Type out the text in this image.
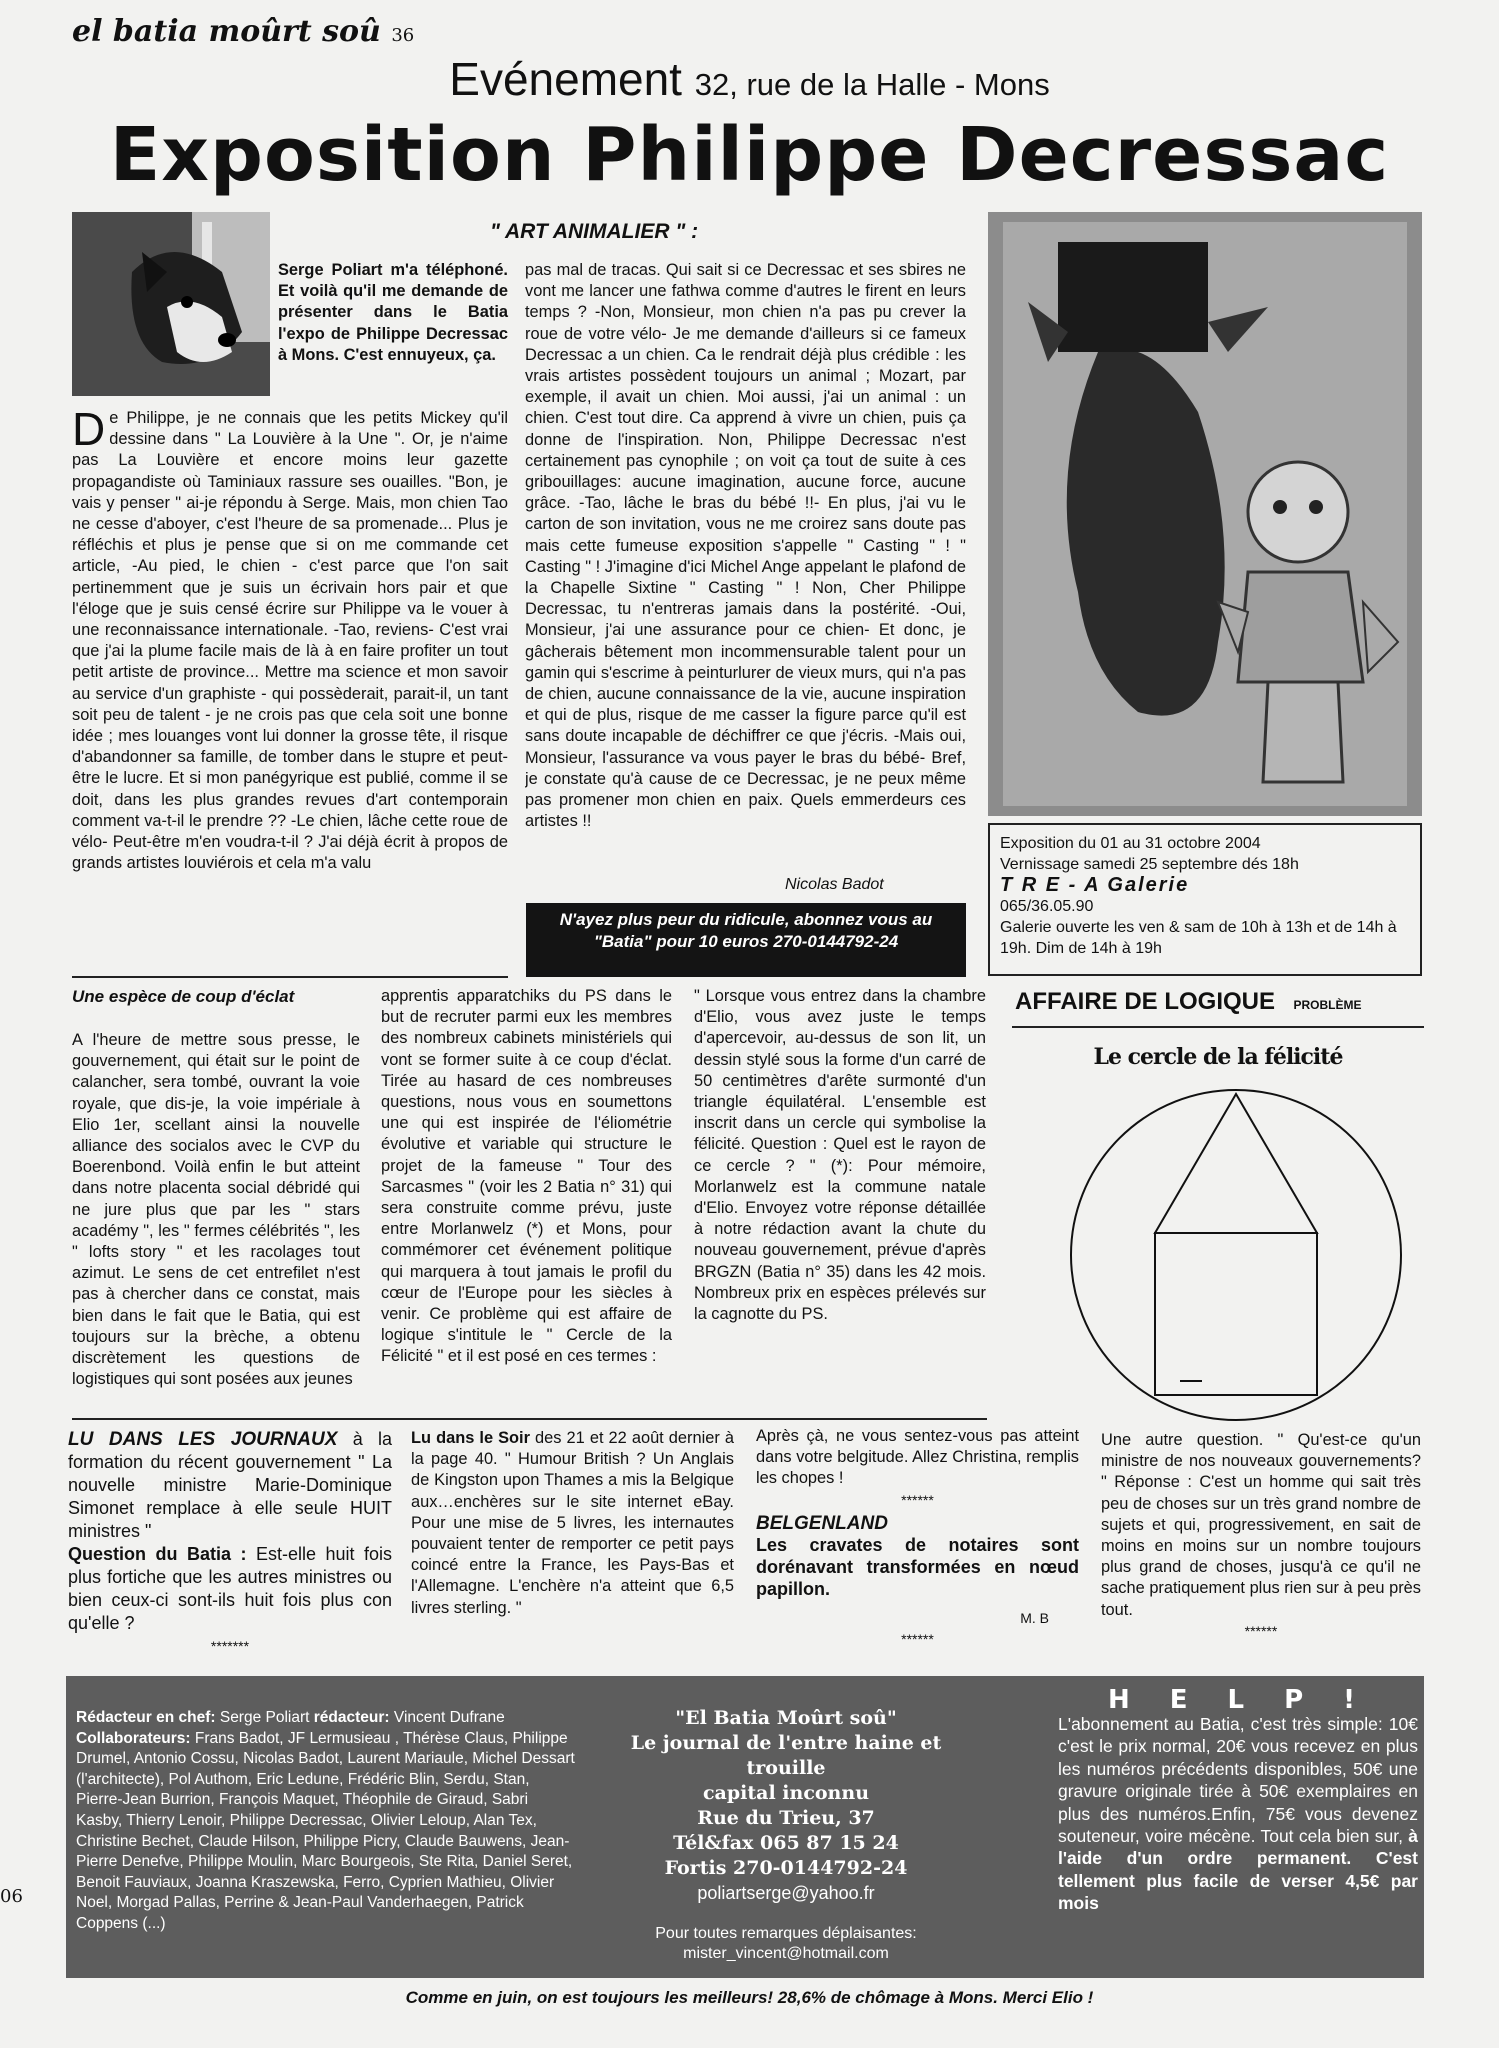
el batia moûrt soû 36
Evénement 32, rue de la Halle - Mons
Exposition Philippe Decressac
" ART ANIMALIER " :
Serge Poliart m'a téléphoné. Et voilà qu'il me demande de présenter dans le Batia l'expo de Philippe Decressac à Mons. C'est ennuyeux, ça.
De Philippe, je ne connais que les petits Mickey qu'il dessine dans " La Louvière à la Une ". Or, je n'aime pas La Louvière et encore moins leur gazette propagandiste où Taminiaux rassure ses ouailles. "Bon, je vais y penser " ai-je répondu à Serge. Mais, mon chien Tao ne cesse d'aboyer, c'est l'heure de sa promenade... Plus je réfléchis et plus je pense que si on me commande cet article, -Au pied, le chien - c'est parce que l'on sait pertinemment que je suis un écrivain hors pair et que l'éloge que je suis censé écrire sur Philippe va le vouer à une reconnaissance internationale. -Tao, reviens- C'est vrai que j'ai la plume facile mais de là à en faire profiter un tout petit artiste de province... Mettre ma science et mon savoir au service d'un graphiste - qui possèderait, parait-il, un tant soit peu de talent - je ne crois pas que cela soit une bonne idée ; mes louanges vont lui donner la grosse tête, il risque d'abandonner sa famille, de tomber dans le stupre et peut-être le lucre. Et si mon panégyrique est publié, comme il se doit, dans les plus grandes revues d'art contemporain comment va-t-il le prendre ?? -Le chien, lâche cette roue de vélo- Peut-être m'en voudra-t-il ? J'ai déjà écrit à propos de grands artistes louviérois et cela m'a valu
pas mal de tracas. Qui sait si ce Decressac et ses sbires ne vont me lancer une fathwa comme d'autres le firent en leurs temps ? -Non, Monsieur, mon chien n'a pas pu crever la roue de votre vélo- Je me demande d'ailleurs si ce fameux Decressac a un chien. Ca le rendrait déjà plus crédible : les vrais artistes possèdent toujours un animal ; Mozart, par exemple, il avait un chien. Moi aussi, j'ai un animal : un chien. C'est tout dire. Ca apprend à vivre un chien, puis ça donne de l'inspiration. Non, Philippe Decressac n'est certainement pas cynophile ; on voit ça tout de suite à ces gribouillages: aucune imagination, aucune force, aucune grâce. -Tao, lâche le bras du bébé !!- En plus, j'ai vu le carton de son invitation, vous ne me croirez sans doute pas mais cette fumeuse exposition s'appelle " Casting " ! " Casting " ! J'imagine d'ici Michel Ange appelant le plafond de la Chapelle Sixtine " Casting " ! Non, Cher Philippe Decressac, tu n'entreras jamais dans la postérité. -Oui, Monsieur, j'ai une assurance pour ce chien- Et donc, je gâcherais bêtement mon incommensurable talent pour un gamin qui s'escrime à peinturlurer de vieux murs, qui n'a pas de chien, aucune connaissance de la vie, aucune inspiration et qui de plus, risque de me casser la figure parce qu'il est sans doute incapable de déchiffrer ce que j'écris. -Mais oui, Monsieur, l'assurance va vous payer le bras du bébé- Bref, je constate qu'à cause de ce Decressac, je ne peux même pas promener mon chien en paix. Quels emmerdeurs ces artistes !!
Nicolas Badot
N'ayez plus peur du ridicule, abonnez vous au "Batia" pour 10 euros 270-0144792-24
Exposition du 01 au 31 octobre 2004
Vernissage samedi 25 septembre dés 18h
T R E - A Galerie
065/36.05.90
Galerie ouverte les ven & sam de 10h à 13h et de 14h à 19h. Dim de 14h à 19h
Une espèce de coup d'éclat
A l'heure de mettre sous presse, le gouvernement, qui était sur le point de calancher, sera tombé, ouvrant la voie royale, que dis-je, la voie impériale à Elio 1er, scellant ainsi la nouvelle alliance des socialos avec le CVP du Boerenbond. Voilà enfin le but atteint dans notre placenta social débridé qui ne jure plus que par les " stars académy ", les " fermes célébrités ", les " lofts story " et les racolages tout azimut. Le sens de cet entrefilet n'est pas à chercher dans ce constat, mais bien dans le fait que le Batia, qui est toujours sur la brèche, a obtenu discrètement les questions de logistiques qui sont posées aux jeunes
apprentis apparatchiks du PS dans le but de recruter parmi eux les membres des nombreux cabinets ministériels qui vont se former suite à ce coup d'éclat. Tirée au hasard de ces nombreuses questions, nous vous en soumettons une qui est inspirée de l'éliométrie évolutive et variable qui structure le projet de la fameuse " Tour des Sarcasmes " (voir les 2 Batia n° 31) qui sera construite comme prévu, juste entre Morlanwelz (*) et Mons, pour commémorer cet événement politique qui marquera à tout jamais le profil du cœur de l'Europe pour les siècles à venir. Ce problème qui est affaire de logique s'intitule le " Cercle de la Félicité " et il est posé en ces termes :
" Lorsque vous entrez dans la chambre d'Elio, vous avez juste le temps d'apercevoir, au-dessus de son lit, un dessin stylé sous la forme d'un carré de 50 centimètres d'arête surmonté d'un triangle équilatéral. L'ensemble est inscrit dans un cercle qui symbolise la félicité. Question : Quel est le rayon de ce cercle ? " (*): Pour mémoire, Morlanwelz est la commune natale d'Elio. Envoyez votre réponse détaillée à notre rédaction avant la chute du nouveau gouvernement, prévue d'après BRGZN (Batia n° 35) dans les 42 mois. Nombreux prix en espèces prélevés sur la cagnotte du PS.
AFFAIRE DE LOGIQUE PROBLÈME
Le cercle de la félicité
LU DANS LES JOURNAUX à la formation du récent gouvernement " La nouvelle ministre Marie-Dominique Simonet remplace à elle seule HUIT ministres "
Question du Batia : Est-elle huit fois plus fortiche que les autres ministres ou bien ceux-ci sont-ils huit fois plus con qu'elle ?
*******
Lu dans le Soir des 21 et 22 août dernier à la page 40. " Humour British ? Un Anglais de Kingston upon Thames a mis la Belgique aux…enchères sur le site internet eBay. Pour une mise de 5 livres, les internautes pouvaient tenter de remporter ce petit pays coincé entre la France, les Pays-Bas et l'Allemagne. L'enchère n'a atteint que 6,5 livres sterling. "
Après çà, ne vous sentez-vous pas atteint dans votre belgitude. Allez Christina, remplis les chopes !
******
BELGENLAND
Les cravates de notaires sont dorénavant transformées en nœud papillon.
M. B
******
Une autre question. " Qu'est-ce qu'un ministre de nos nouveaux gouvernements? " Réponse : C'est un homme qui sait très peu de choses sur un très grand nombre de sujets et qui, progressivement, en sait de moins en moins sur un nombre toujours plus grand de choses, jusqu'à ce qu'il ne sache pratiquement plus rien sur à peu près tout.
******
06
Rédacteur en chef: Serge Poliart rédacteur: Vincent Dufrane
Collaborateurs: Frans Badot, JF Lermusieau , Thérèse Claus, Philippe Drumel, Antonio Cossu, Nicolas Badot, Laurent Mariaule, Michel Dessart (l'architecte), Pol Authom, Eric Ledune, Frédéric Blin, Serdu, Stan, Pierre-Jean Burrion, François Maquet, Théophile de Giraud, Sabri Kasby, Thierry Lenoir, Philippe Decressac, Olivier Leloup, Alan Tex, Christine Bechet, Claude Hilson, Philippe Picry, Claude Bauwens, Jean-Pierre Denefve, Philippe Moulin, Marc Bourgeois, Ste Rita, Daniel Seret, Benoit Fauviaux, Joanna Kraszewska, Ferro, Cyprien Mathieu, Olivier Noel, Morgad Pallas, Perrine & Jean-Paul Vanderhaegen, Patrick Coppens (...)
"El Batia Moûrt soû"
Le journal de l'entre haine et trouille
capital inconnu
Rue du Trieu, 37
Tél&fax 065 87 15 24
Fortis 270-0144792-24
poliartserge@yahoo.fr
Pour toutes remarques déplaisantes:
mister_vincent@hotmail.com
HELP!
L'abonnement au Batia, c'est très simple: 10€ c'est le prix normal, 20€ vous recevez en plus les numéros précédents disponibles, 50€ une gravure originale tirée à 50€ exemplaires en plus des numéros.Enfin, 75€ vous devenez souteneur, voire mécène. Tout cela bien sur, à l'aide d'un ordre permanent. C'est tellement plus facile de verser 4,5€ par mois
Comme en juin, on est toujours les meilleurs! 28,6% de chômage à Mons. Merci Elio !
